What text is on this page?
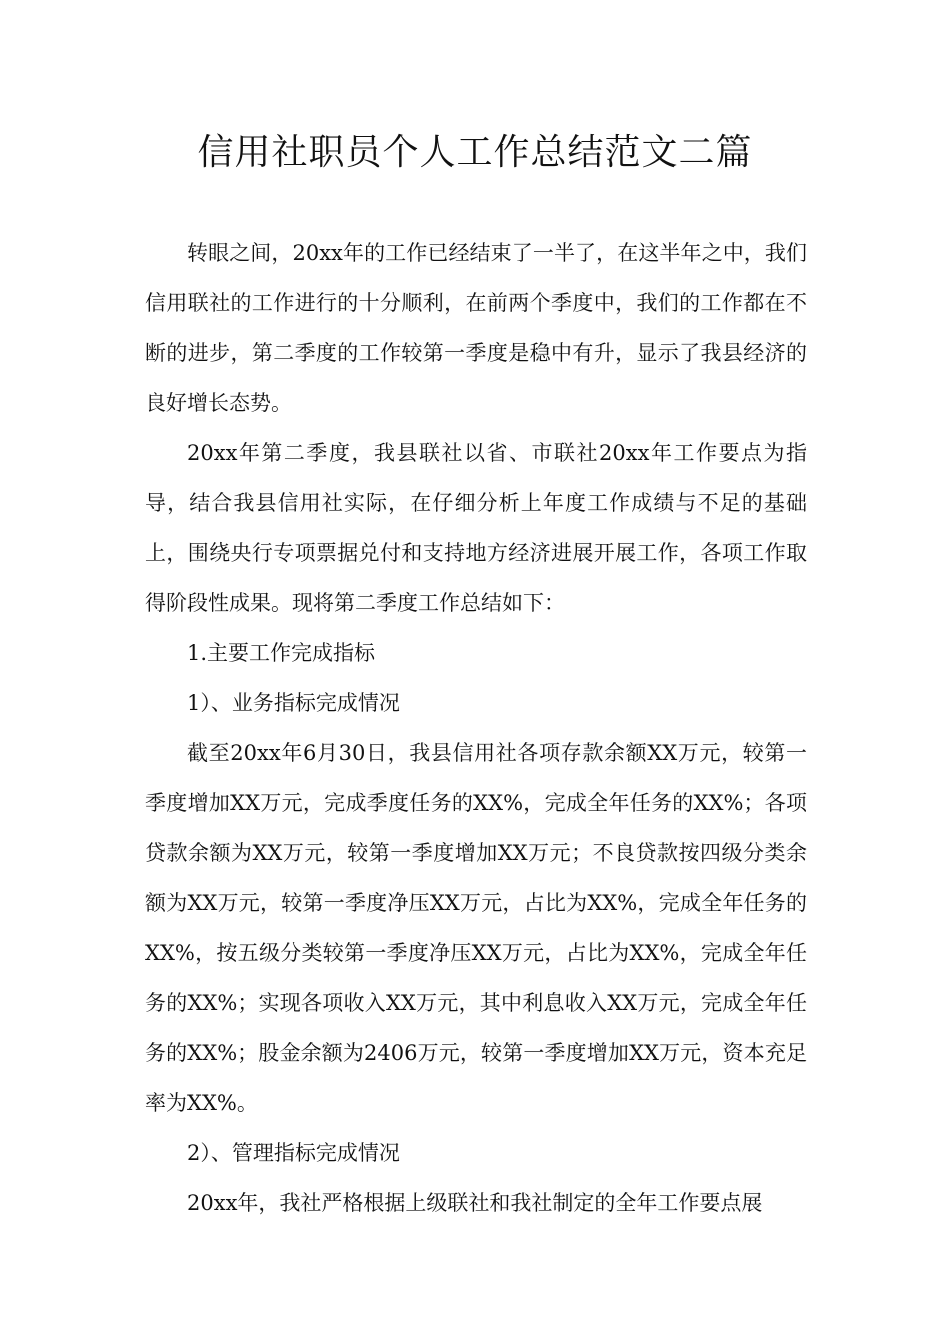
信用社职员个人工作总结范文二篇

转眼之间，20xx年的工作已经结束了一半了，在这半年之中，我们信用联社的工作进行的十分顺利，在前两个季度中，我们的工作都在不断的进步，第二季度的工作较第一季度是稳中有升，显示了我县经济的良好增长态势。

20xx年第二季度，我县联社以省、市联社20xx年工作要点为指导，结合我县信用社实际，在仔细分析上年度工作成绩与不足的基础上，围绕央行专项票据兑付和支持地方经济进展开展工作，各项工作取得阶段性成果。现将第二季度工作总结如下：

1.主要工作完成指标

1）、业务指标完成情况

截至20xx年6月30日，我县信用社各项存款余额XX万元，较第一季度增加XX万元，完成季度任务的XX%，完成全年任务的XX%；各项贷款余额为XX万元，较第一季度增加XX万元；不良贷款按四级分类余额为XX万元，较第一季度净压XX万元，占比为XX%，完成全年任务的XX%，按五级分类较第一季度净压XX万元，占比为XX%，完成全年任务的XX%；实现各项收入XX万元，其中利息收入XX万元，完成全年任务的XX%；股金余额为2406万元，较第一季度增加XX万元，资本充足率为XX%。

2）、管理指标完成情况

20xx年，我社严格根据上级联社和我社制定的全年工作要点展
